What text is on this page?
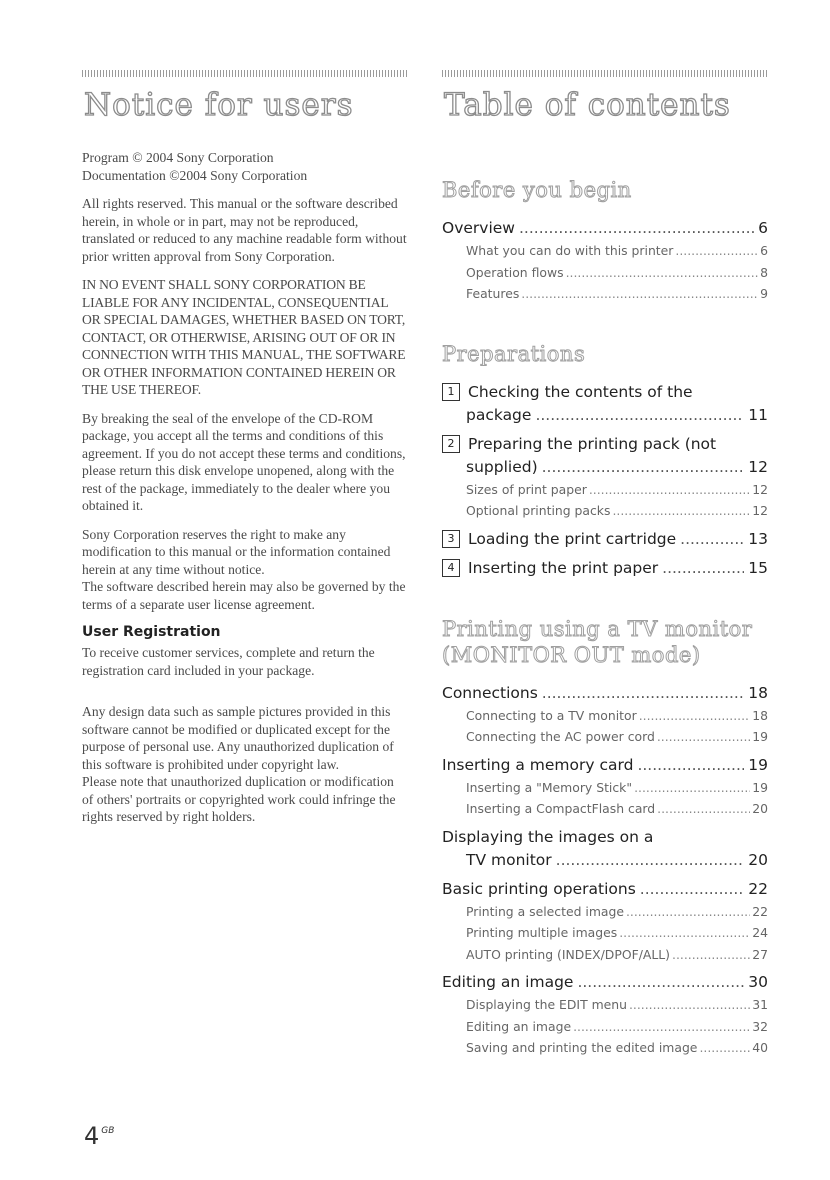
Notice for users

Program © 2004 Sony Corporation
Documentation ©2004 Sony Corporation

All rights reserved. This manual or the software described herein, in whole or in part, may not be reproduced, translated or reduced to any machine readable form without prior written approval from Sony Corporation.

IN NO EVENT SHALL SONY CORPORATION BE LIABLE FOR ANY INCIDENTAL, CONSEQUENTIAL OR SPECIAL DAMAGES, WHETHER BASED ON TORT, CONTACT, OR OTHERWISE, ARISING OUT OF OR IN CONNECTION WITH THIS MANUAL, THE SOFTWARE OR OTHER INFORMATION CONTAINED HEREIN OR THE USE THEREOF.

By breaking the seal of the envelope of the CD-ROM package, you accept all the terms and conditions of this agreement. If you do not accept these terms and conditions, please return this disk envelope unopened, along with the rest of the package, immediately to the dealer where you obtained it.

Sony Corporation reserves the right to make any modification to this manual or the information contained herein at any time without notice.

The software described herein may also be governed by the terms of a separate user license agreement.

User Registration

To receive customer services, complete and return the registration card included in your package.

Any design data such as sample pictures provided in this software cannot be modified or duplicated except for the purpose of personal use. Any unauthorized duplication of this software is prohibited under copyright law.

Please note that unauthorized duplication or modification of others' portraits or copyrighted work could infringe the rights reserved by right holders.

Table of contents
Before you begin
Overview .....	6
What you can do with this printer .....	6
Operation flows .....	8
Features .....	9
Preparations
1 Checking the contents of the
package .....	11
2 Preparing the printing pack (not
supplied) .....	12
Sizes of print paper .....	12
Optional printing packs .....	12
3 Loading the print cartridge .....	13
4 Inserting the print paper .....	15
Printing using a TV monitor
(MONITOR OUT mode)
Connections .....	18
Connecting to a TV monitor .....	18
Connecting the AC power cord .....	19
Inserting a memory card .....	19
Inserting a "Memory Stick" .....	19
Inserting a CompactFlash card .....	20
Displaying the images on a
TV monitor .....	20
Basic printing operations .....	22
Printing a selected image .....	22
Printing multiple images .....	24
AUTO printing (INDEX/DPOF/ALL) .....	27
Editing an image .....	30
Displaying the EDIT menu .....	31
Editing an image .....	32
Saving and printing the edited image .....	40
4 $^{GB}$
